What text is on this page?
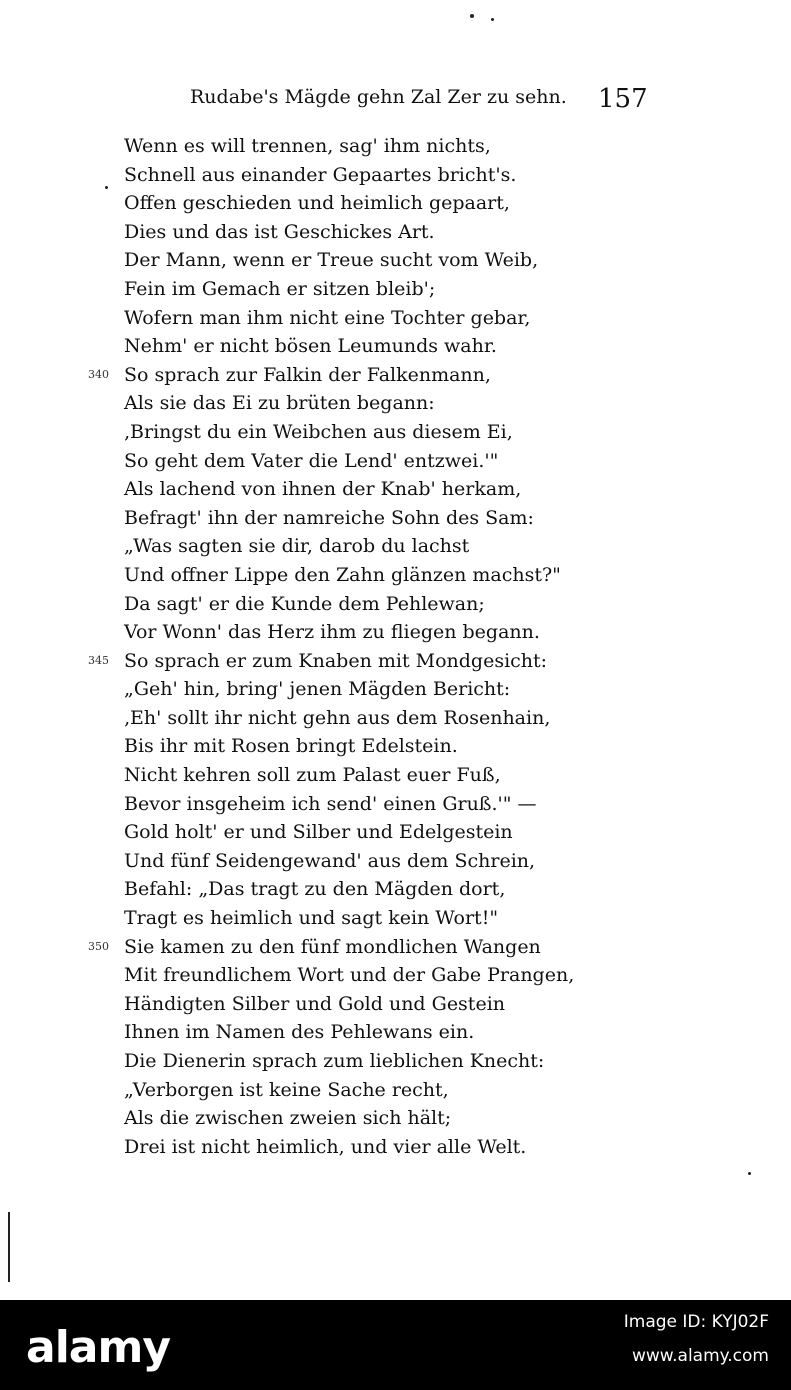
Rudabe's Mägde gehn Zal Zer zu sehn. 157
Wenn es will trennen, sag' ihm nichts,
Schnell aus einander Gepaartes bricht's.
Offen geschieden und heimlich gepaart,
Dies und das ist Geschickes Art.
Der Mann, wenn er Treue sucht vom Weib,
Fein im Gemach er sitzen bleib';
Wofern man ihm nicht eine Tochter gebar,
Nehm' er nicht bösen Leumunds wahr.
340 So sprach zur Falkin der Falkenmann,
Als sie das Ei zu brüten begann:
‚Bringst du ein Weibchen aus diesem Ei,
So geht dem Vater die Lend' entzwei.'"
Als lachend von ihnen der Knab' herkam,
Befragt' ihn der namreiche Sohn des Sam:
„Was sagten sie dir, darob du lachst
Und offner Lippe den Zahn glänzen machst?"
Da sagt' er die Kunde dem Pehlewan;
Vor Wonn' das Herz ihm zu fliegen begann.
345 So sprach er zum Knaben mit Mondgesicht:
„Geh' hin, bring' jenen Mägden Bericht:
‚Eh' sollt ihr nicht gehn aus dem Rosenhain,
Bis ihr mit Rosen bringt Edelstein.
Nicht kehren soll zum Palast euer Fuß,
Bevor insgeheim ich send' einen Gruß.'" —
Gold holt' er und Silber und Edelgestein
Und fünf Seidengewand' aus dem Schrein,
Befahl: „Das tragt zu den Mägden dort,
Tragt es heimlich und sagt kein Wort!"
350 Sie kamen zu den fünf mondlichen Wangen
Mit freundlichem Wort und der Gabe Prangen,
Händigten Silber und Gold und Gestein
Ihnen im Namen des Pehlewans ein.
Die Dienerin sprach zum lieblichen Knecht:
„Verborgen ist keine Sache recht,
Als die zwischen zweien sich hält;
Drei ist nicht heimlich, und vier alle Welt.
alamy	Image ID: KYJ02F
www.alamy.com
